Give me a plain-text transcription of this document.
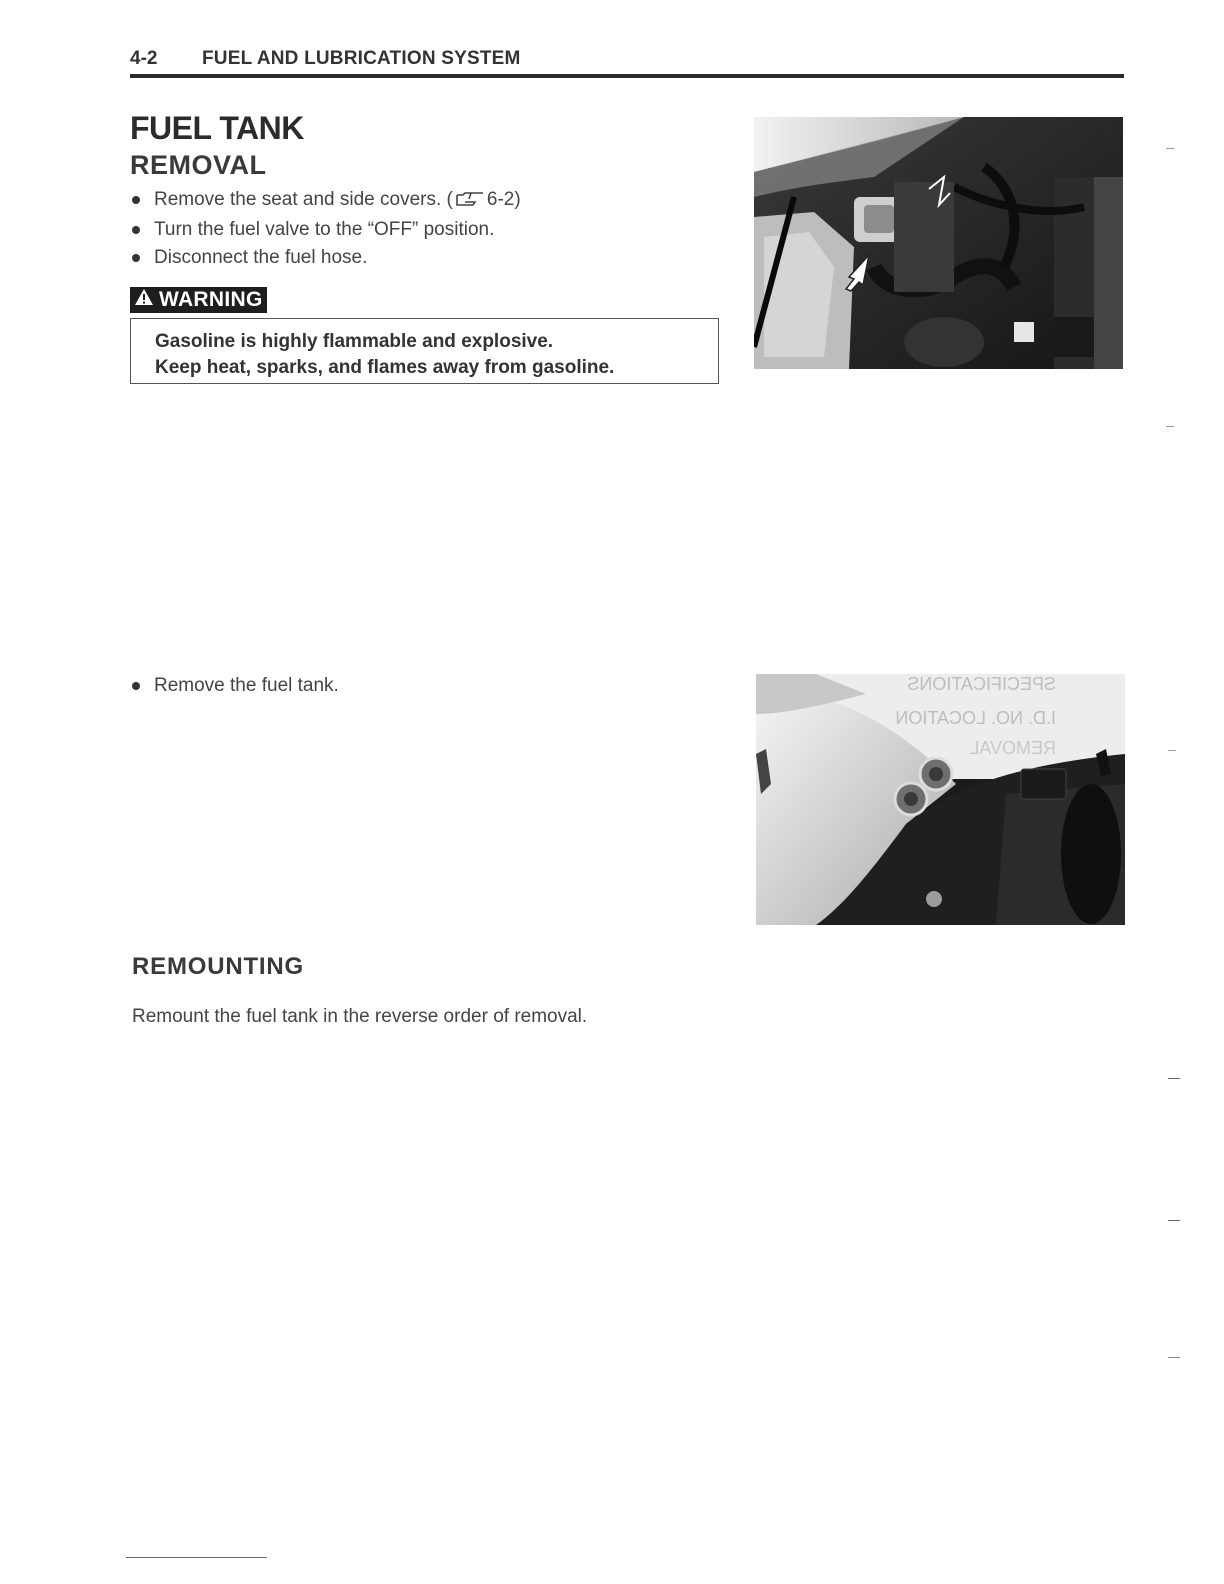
4-2 FUEL AND LUBRICATION SYSTEM
FUEL TANK
REMOVAL
Remove the seat and side covers. ( 6-2)
Turn the fuel valve to the “OFF” position.
Disconnect the fuel hose.
WARNING
Gasoline is highly flammable and explosive.
Keep heat, sparks, and flames away from gasoline.
Remove the fuel tank.	SPECIFICATIONS
I.D. NO. LOCATION
REMOVAL
REMOUNTING
Remount the fuel tank in the reverse order of removal.
